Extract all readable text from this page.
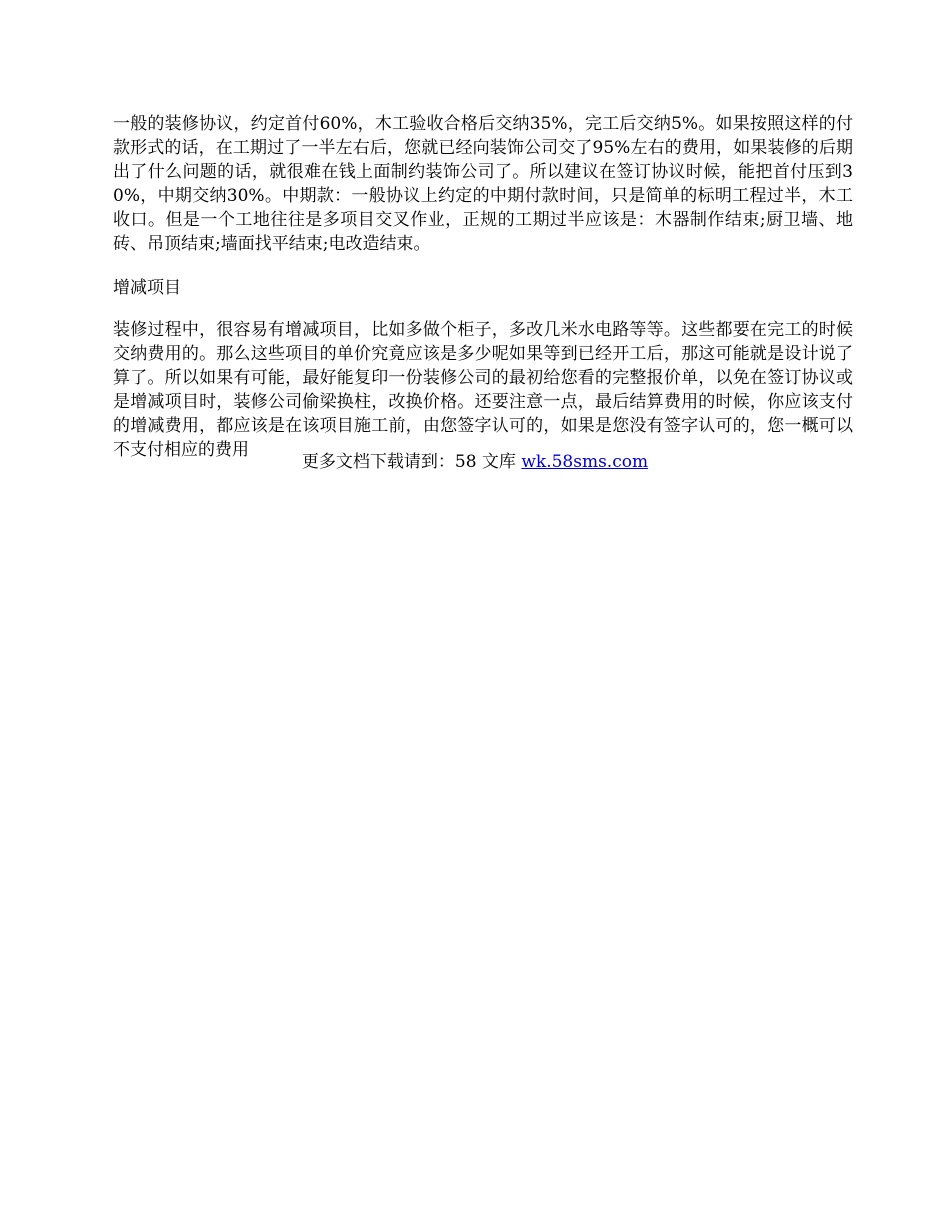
一般的装修协议，约定首付60%，木工验收合格后交纳35%，完工后交纳5%。如果按照这样的付款形式的话，在工期过了一半左右后，您就已经向装饰公司交了95%左右的费用，如果装修的后期出了什么问题的话，就很难在钱上面制约装饰公司了。所以建议在签订协议时候，能把首付压到30%，中期交纳30%。中期款：一般协议上约定的中期付款时间，只是简单的标明工程过半，木工收口。但是一个工地往往是多项目交叉作业，正规的工期过半应该是：木器制作结束;厨卫墙、地砖、吊顶结束;墙面找平结束;电改造结束。

增减项目

装修过程中，很容易有增减项目，比如多做个柜子，多改几米水电路等等。这些都要在完工的时候交纳费用的。那么这些项目的单价究竟应该是多少呢如果等到已经开工后，那这可能就是设计说了算了。所以如果有可能，最好能复印一份装修公司的最初给您看的完整报价单，以免在签订协议或是增减项目时，装修公司偷梁换柱，改换价格。还要注意一点，最后结算费用的时候，你应该支付的增减费用，都应该是在该项目施工前，由您签字认可的，如果是您没有签字认可的，您一概可以不支付相应的费用

更多文档下载请到：58 文库 wk.58sms.com
